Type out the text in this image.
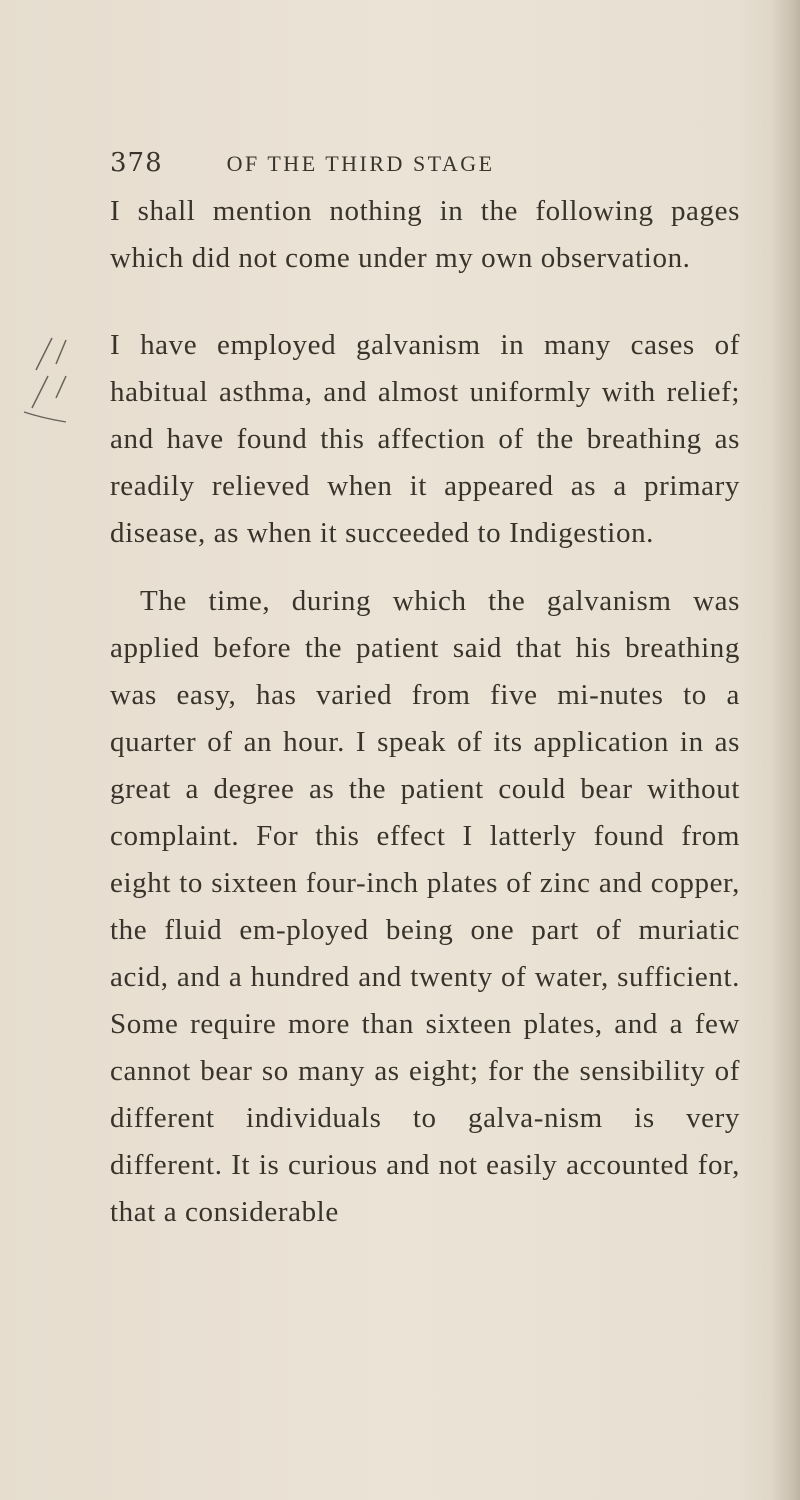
378	OF THE THIRD STAGE
I shall mention nothing in the following pages which did not come under my own observation.
I have employed galvanism in many cases of habitual asthma, and almost uniformly with relief; and have found this affection of the breathing as readily relieved when it appeared as a primary disease, as when it succeeded to Indigestion.
The time, during which the galvanism was applied before the patient said that his breathing was easy, has varied from five mi-nutes to a quarter of an hour. I speak of its application in as great a degree as the patient could bear without complaint. For this effect I latterly found from eight to sixteen four-inch plates of zinc and copper, the fluid em-ployed being one part of muriatic acid, and a hundred and twenty of water, sufficient. Some require more than sixteen plates, and a few cannot bear so many as eight; for the sensibility of different individuals to galva-nism is very different. It is curious and not easily accounted for, that a considerable
